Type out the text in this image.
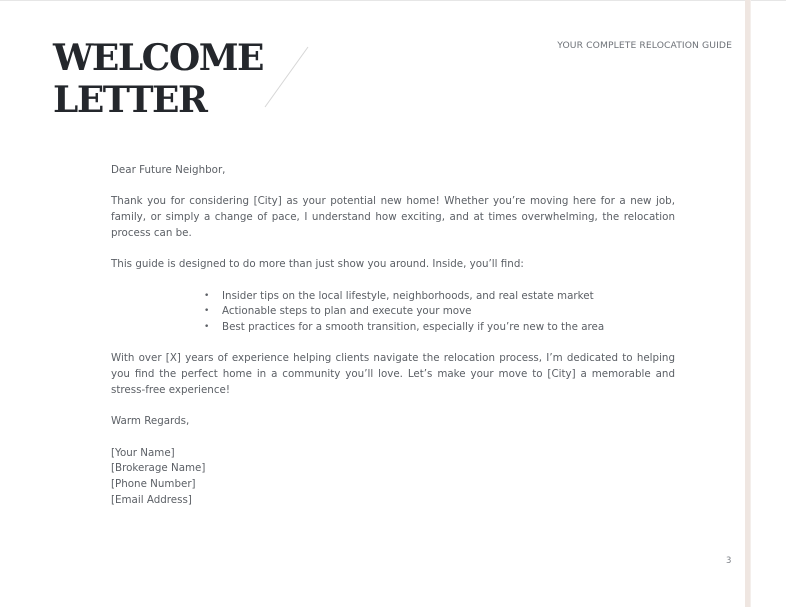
WELCOME
LETTER
YOUR COMPLETE RELOCATION GUIDE

Dear Future Neighbor,

Thank you for considering [City] as your potential new home! Whether you’re moving here for a new job, family, or simply a change of pace, I understand how exciting, and at times overwhelming, the relocation process can be.

This guide is designed to do more than just show you around. Inside, you’ll find:

• Insider tips on the local lifestyle, neighborhoods, and real estate market
• Actionable steps to plan and execute your move
• Best practices for a smooth transition, especially if you’re new to the area

With over [X] years of experience helping clients navigate the relocation process, I’m dedicated to helping you find the perfect home in a community you’ll love. Let’s make your move to [City] a memorable and stress-free experience!

Warm Regards,

[Your Name]
[Brokerage Name]
[Phone Number]
[Email Address]
3
